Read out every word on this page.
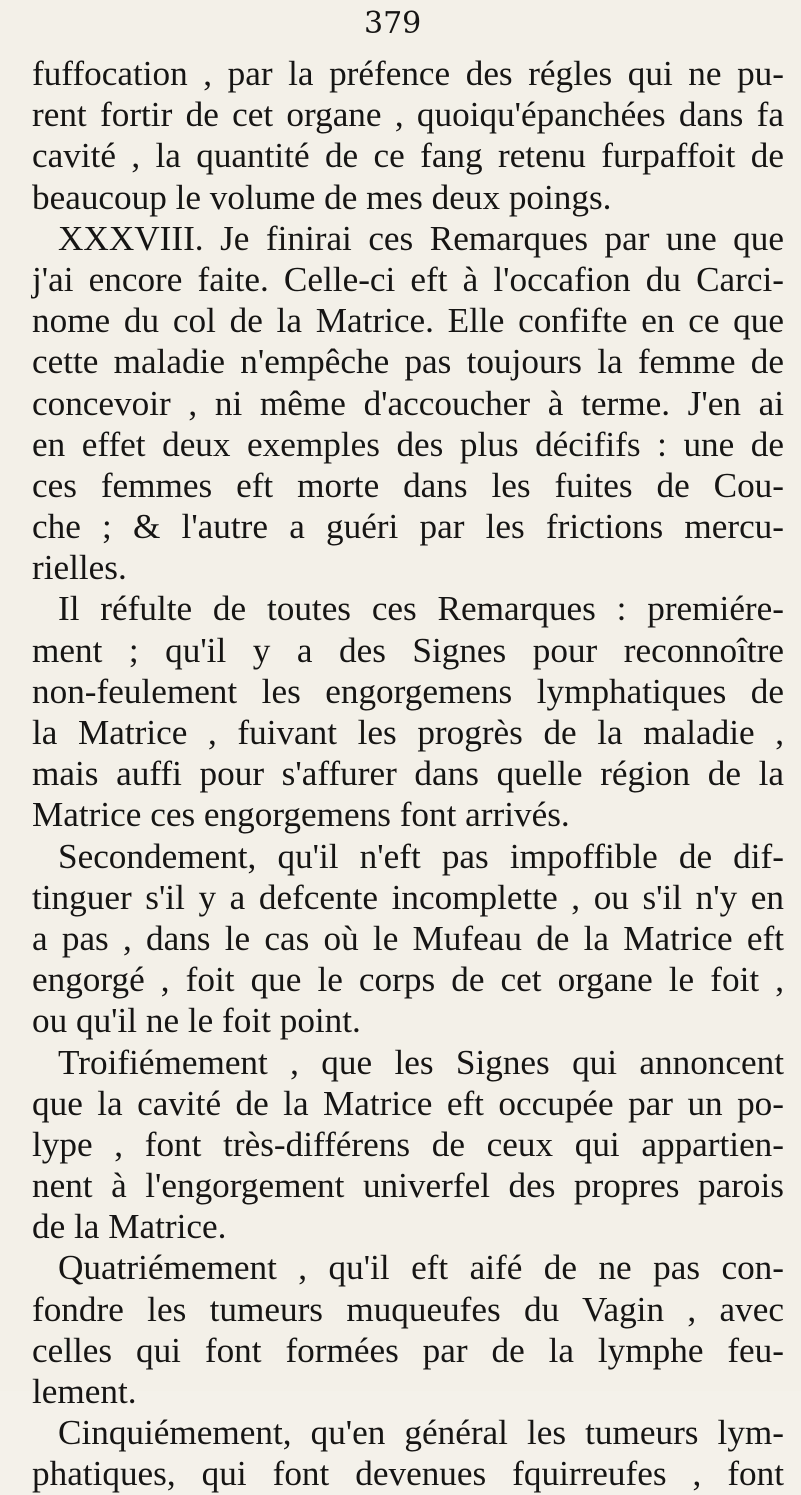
379
fuffocation , par la préfence des régles qui ne pu-
rent fortir de cet organe , quoiqu'épanchées dans fa
cavité , la quantité de ce fang retenu furpaffoit de
beaucoup le volume de mes deux poings.
XXXVIII. Je finirai ces Remarques par une que
j'ai encore faite. Celle-ci eft à l'occafion du Carci-
nome du col de la Matrice. Elle confifte en ce que
cette maladie n'empêche pas toujours la femme de
concevoir , ni même d'accoucher à terme. J'en ai
en effet deux exemples des plus décififs : une de
ces femmes eft morte dans les fuites de Cou-
che ; & l'autre a guéri par les frictions mercu-
rielles.
Il réfulte de toutes ces Remarques : premiére-
ment ; qu'il y a des Signes pour reconnoître
non-feulement les engorgemens lymphatiques de
la Matrice , fuivant les progrès de la maladie ,
mais auffi pour s'affurer dans quelle région de la
Matrice ces engorgemens font arrivés.
Secondement, qu'il n'eft pas impoffible de dif-
tinguer s'il y a defcente incomplette , ou s'il n'y en
a pas , dans le cas où le Mufeau de la Matrice eft
engorgé , foit que le corps de cet organe le foit ,
ou qu'il ne le foit point.
Troifiémement , que les Signes qui annoncent
que la cavité de la Matrice eft occupée par un po-
lype , font très-différens de ceux qui appartien-
nent à l'engorgement univerfel des propres parois
de la Matrice.
Quatriémement , qu'il eft aifé de ne pas con-
fondre les tumeurs muqueufes du Vagin , avec
celles qui font formées par de la lymphe feu-
lement.
Cinquiémement, qu'en général les tumeurs lym-
phatiques, qui font devenues fquirreufes , font
